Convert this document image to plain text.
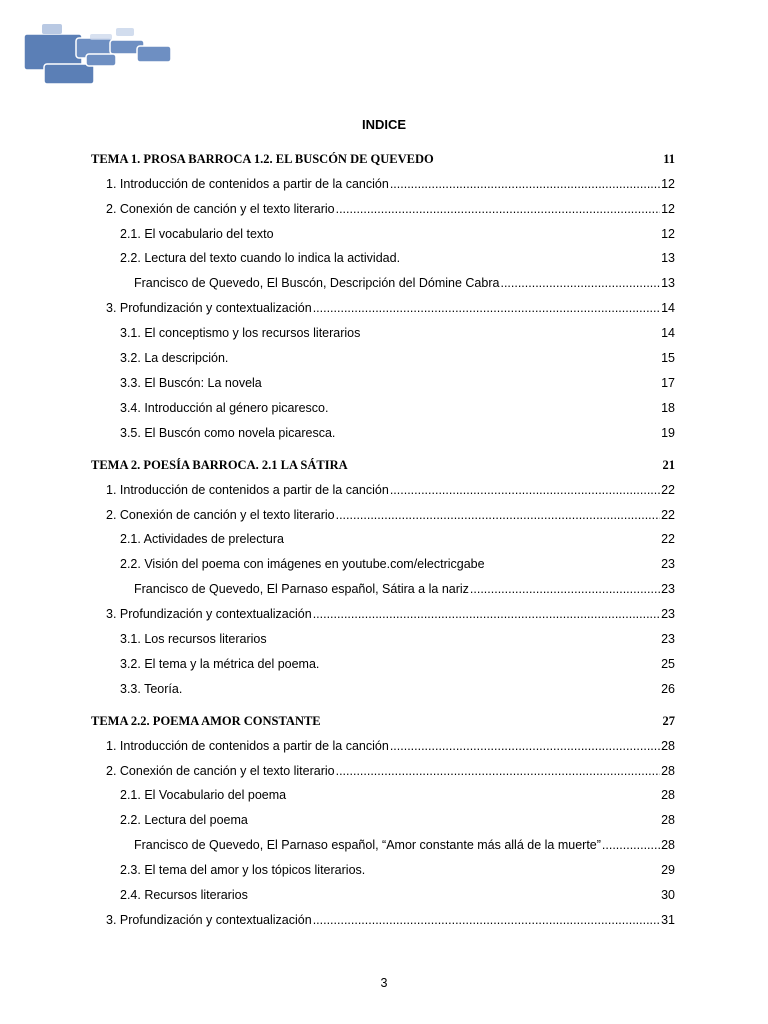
INDICE
TEMA 1. PROSA BARROCA 1.2. EL BUSCÓN DE QUEVEDO	11
1. Introducción de contenidos a partir de la canción .....	12
2. Conexión de canción y el texto literario .....	12
2.1. El vocabulario del texto	12
2.2. Lectura del texto cuando lo indica la actividad.	13
Francisco de Quevedo, El Buscón, Descripción del Dómine Cabra .....	13
3. Profundización y contextualización .....	14
3.1. El conceptismo y los recursos literarios	14
3.2. La descripción.	15
3.3. El Buscón: La novela	17
3.4. Introducción al género picaresco.	18
3.5. El Buscón como novela picaresca.	19
TEMA 2. POESÍA BARROCA. 2.1 LA SÁTIRA	21
1. Introducción de contenidos a partir de la canción .....	22
2. Conexión de canción y el texto literario .....	22
2.1. Actividades de prelectura	22
2.2. Visión del poema con imágenes en youtube.com/electricgabe	23
Francisco de Quevedo, El Parnaso español, Sátira a la nariz .....	23
3. Profundización y contextualización .....	23
3.1. Los recursos literarios	23
3.2. El tema y la métrica del poema.	25
3.3. Teoría.	26
TEMA 2.2. POEMA AMOR CONSTANTE	27
1. Introducción de contenidos a partir de la canción .....	28
2. Conexión de canción y el texto literario .....	28
2.1. El Vocabulario del poema	28
2.2. Lectura del poema	28
Francisco de Quevedo, El Parnaso español, “Amor constante más allá de la muerte” .....	28
2.3. El tema del amor y los tópicos literarios.	29
2.4. Recursos literarios	30
3. Profundización y contextualización .....	31
3
